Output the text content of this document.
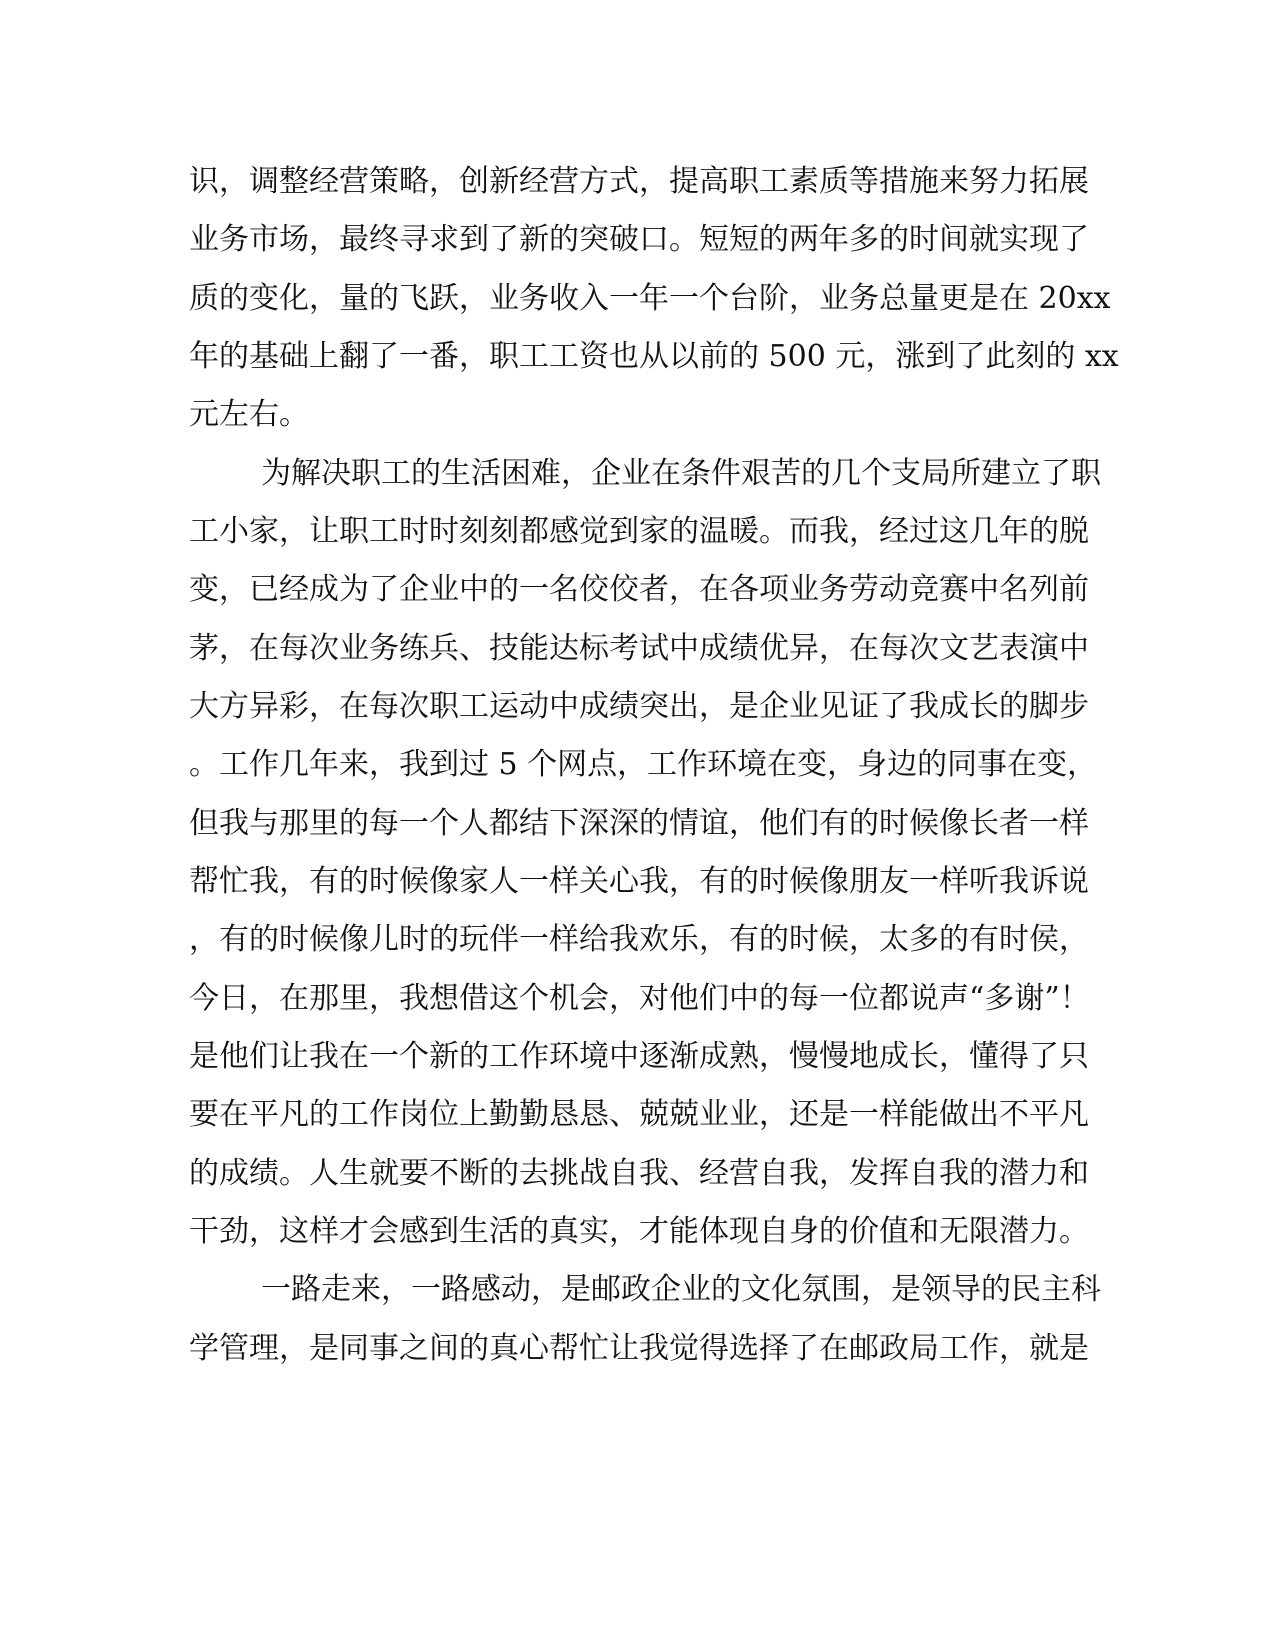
识，调整经营策略，创新经营方式，提高职工素质等措施来努力拓展
业务市场，最终寻求到了新的突破口。短短的两年多的时间就实现了
质的变化，量的飞跃，业务收入一年一个台阶，业务总量更是在 20xx
年的基础上翻了一番，职工工资也从以前的 500 元，涨到了此刻的 xx
元左右。
为解决职工的生活困难，企业在条件艰苦的几个支局所建立了职
工小家，让职工时时刻刻都感觉到家的温暖。而我，经过这几年的脱
变，已经成为了企业中的一名佼佼者，在各项业务劳动竞赛中名列前
茅，在每次业务练兵、技能达标考试中成绩优异，在每次文艺表演中
大方异彩，在每次职工运动中成绩突出，是企业见证了我成长的脚步
。工作几年来，我到过 5 个网点，工作环境在变，身边的同事在变，
但我与那里的每一个人都结下深深的情谊，他们有的时候像长者一样
帮忙我，有的时候像家人一样关心我，有的时候像朋友一样听我诉说
，有的时候像儿时的玩伴一样给我欢乐，有的时候，太多的有时侯，
今日，在那里，我想借这个机会，对他们中的每一位都说声“多谢”！
是他们让我在一个新的工作环境中逐渐成熟，慢慢地成长，懂得了只
要在平凡的工作岗位上勤勤恳恳、兢兢业业，还是一样能做出不平凡
的成绩。人生就要不断的去挑战自我、经营自我，发挥自我的潜力和
干劲，这样才会感到生活的真实，才能体现自身的价值和无限潜力。
一路走来，一路感动，是邮政企业的文化氛围，是领导的民主科
学管理，是同事之间的真心帮忙让我觉得选择了在邮政局工作，就是
